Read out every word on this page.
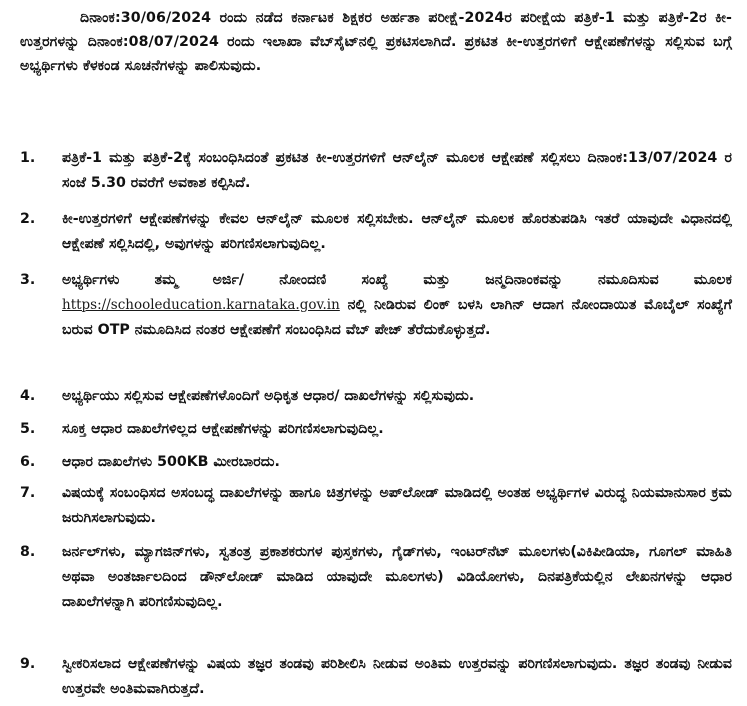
ದಿನಾಂಕ:30/06/2024 ರಂದು ನಡೆದ ಕರ್ನಾಟಕ ಶಿಕ್ಷಕರ ಅರ್ಹತಾ ಪರೀಕ್ಷೆ-2024ರ ಪರೀಕ್ಷೆಯ ಪತ್ರಿಕೆ-1 ಮತ್ತು ಪತ್ರಿಕೆ-2ರ ಕೀ-ಉತ್ತರಗಳನ್ನು ದಿನಾಂಕ:08/07/2024 ರಂದು ಇಲಾಖಾ ವೆಬ್‌ಸೈಟ್‌ನಲ್ಲಿ ಪ್ರಕಟಿಸಲಾಗಿದೆ. ಪ್ರಕಟಿತ ಕೀ-ಉತ್ತರಗಳಿಗೆ ಆಕ್ಷೇಪಣೆಗಳನ್ನು ಸಲ್ಲಿಸುವ ಬಗ್ಗೆ ಅಭ್ಯರ್ಥಿಗಳು ಕೆಳಕಂಡ ಸೂಚನೆಗಳನ್ನು ಪಾಲಿಸುವುದು.

1.	ಪತ್ರಿಕೆ-1 ಮತ್ತು ಪತ್ರಿಕೆ-2ಕ್ಕೆ ಸಂಬಂಧಿಸಿದಂತೆ ಪ್ರಕಟಿತ ಕೀ-ಉತ್ತರಗಳಿಗೆ ಆನ್‌ಲೈನ್ ಮೂಲಕ ಆಕ್ಷೇಪಣೆ ಸಲ್ಲಿಸಲು ದಿನಾಂಕ:13/07/2024 ರ ಸಂಜೆ 5.30 ರವರೆಗೆ ಅವಕಾಶ ಕಲ್ಪಿಸಿದೆ.
2.	ಕೀ-ಉತ್ತರಗಳಿಗೆ ಆಕ್ಷೇಪಣೆಗಳನ್ನು ಕೇವಲ ಆನ್‌ಲೈನ್ ಮೂಲಕ ಸಲ್ಲಿಸಬೇಕು. ಆನ್‌ಲೈನ್ ಮೂಲಕ ಹೊರತುಪಡಿಸಿ ಇತರೆ ಯಾವುದೇ ವಿಧಾನದಲ್ಲಿ ಆಕ್ಷೇಪಣೆ ಸಲ್ಲಿಸಿದಲ್ಲಿ, ಅವುಗಳನ್ನು ಪರಿಗಣಿಸಲಾಗುವುದಿಲ್ಲ.
3.	ಅಭ್ಯರ್ಥಿಗಳು ತಮ್ಮ ಅರ್ಜಿ/ ನೋಂದಣಿ ಸಂಖ್ಯೆ ಮತ್ತು ಜನ್ಮದಿನಾಂಕವನ್ನು ನಮೂದಿಸುವ ಮೂಲಕ https://schooleducation.karnataka.gov.in ನಲ್ಲಿ ನೀಡಿರುವ ಲಿಂಕ್ ಬಳಸಿ ಲಾಗಿನ್ ಆದಾಗ ನೋಂದಾಯಿತ ಮೊಬೈಲ್ ಸಂಖ್ಯೆಗೆ ಬರುವ OTP ನಮೂದಿಸಿದ ನಂತರ ಆಕ್ಷೇಪಣೆಗೆ ಸಂಬಂಧಿಸಿದ ವೆಬ್ ಪೇಜ್ ತೆರೆದುಕೊಳ್ಳುತ್ತದೆ.
4.	ಅಭ್ಯರ್ಥಿಯು ಸಲ್ಲಿಸುವ ಆಕ್ಷೇಪಣೆಗಳೊಂದಿಗೆ ಅಧಿಕೃತ ಆಧಾರ/ ದಾಖಲೆಗಳನ್ನು ಸಲ್ಲಿಸುವುದು.
5.	ಸೂಕ್ತ ಆಧಾರ ದಾಖಲೆಗಳಿಲ್ಲದ ಆಕ್ಷೇಪಣೆಗಳನ್ನು ಪರಿಗಣಿಸಲಾಗುವುದಿಲ್ಲ.
6.	ಆಧಾರ ದಾಖಲೆಗಳು 500KB ಮೀರಬಾರದು.
7.	ವಿಷಯಕ್ಕೆ ಸಂಬಂಧಿಸದ ಅಸಂಬದ್ಧ ದಾಖಲೆಗಳನ್ನು ಹಾಗೂ ಚಿತ್ರಗಳನ್ನು ಅಪ್‌ಲೋಡ್ ಮಾಡಿದಲ್ಲಿ ಅಂತಹ ಅಭ್ಯರ್ಥಿಗಳ ವಿರುದ್ಧ ನಿಯಮಾನುಸಾರ ಕ್ರಮ ಜರುಗಿಸಲಾಗುವುದು.
8.	ಜರ್ನಲ್‌ಗಳು, ಮ್ಯಾಗಜಿನ್‌ಗಳು, ಸ್ವತಂತ್ರ ಪ್ರಕಾಶಕರುಗಳ ಪುಸ್ತಕಗಳು, ಗೈಡ್‌ಗಳು, ಇಂಟರ್‌ನೆಟ್ ಮೂಲಗಳು(ವಿಕಿಪೀಡಿಯಾ, ಗೂಗಲ್ ಮಾಹಿತಿ ಅಥವಾ ಅಂತರ್ಜಾಲದಿಂದ ಡೌನ್‌ಲೋಡ್ ಮಾಡಿದ ಯಾವುದೇ ಮೂಲಗಳು) ವಿಡಿಯೋಗಳು, ದಿನಪತ್ರಿಕೆಯಲ್ಲಿನ ಲೇಖನಗಳನ್ನು ಆಧಾರ ದಾಖಲೆಗಳನ್ನಾಗಿ ಪರಿಗಣಿಸುವುದಿಲ್ಲ.
9.	ಸ್ವೀಕರಿಸಲಾದ ಆಕ್ಷೇಪಣೆಗಳನ್ನು ವಿಷಯ ತಜ್ಞರ ತಂಡವು ಪರಿಶೀಲಿಸಿ ನೀಡುವ ಅಂತಿಮ ಉತ್ತರವನ್ನು ಪರಿಗಣಿಸಲಾಗುವುದು. ತಜ್ಞರ ತಂಡವು ನೀಡುವ ಉತ್ತರವೇ ಅಂತಿಮವಾಗಿರುತ್ತದೆ.
